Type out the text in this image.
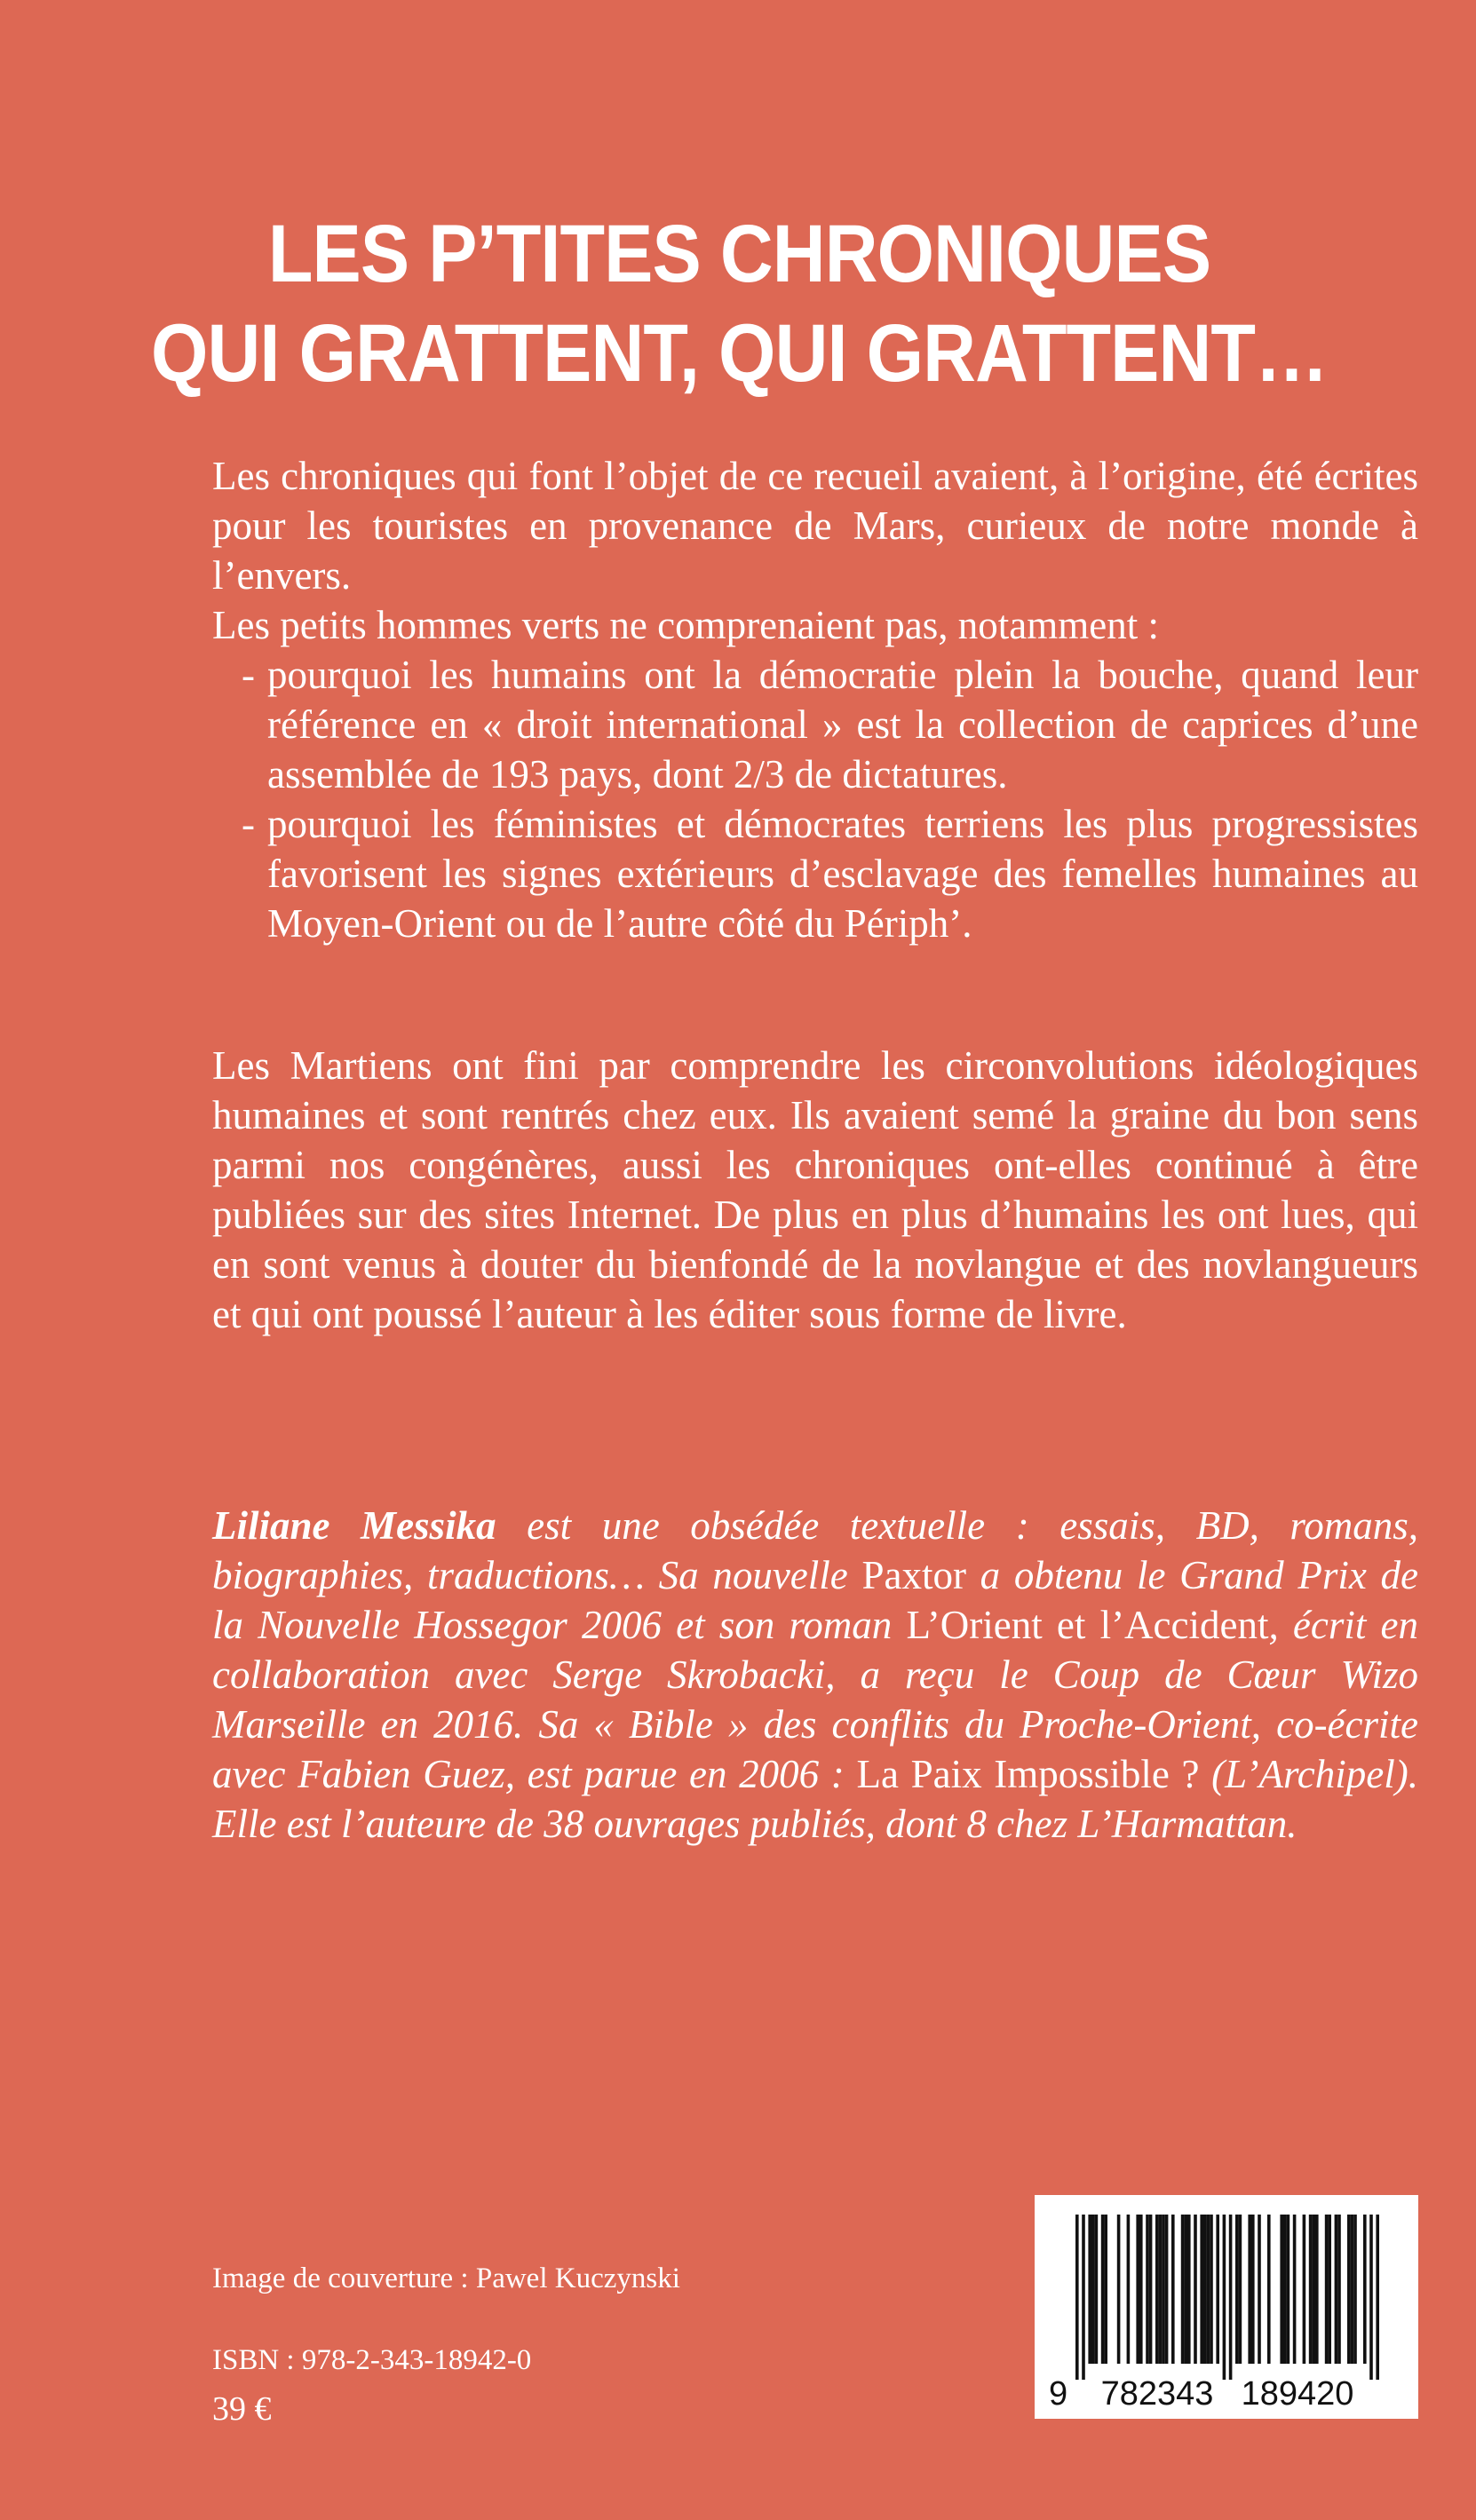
LES P’TITES CHRONIQUES
QUI GRATTENT, QUI GRATTENT…

Les chroniques qui font l’objet de ce recueil avaient, à l’origine, été écrites pour les touristes en provenance de Mars, curieux de notre monde à l’envers.

Les petits hommes verts ne comprenaient pas, notamment :

- pourquoi les humains ont la démocratie plein la bouche, quand leur référence en « droit international » est la collection de caprices d’une assemblée de 193 pays, dont 2/3 de dictatures.
- pourquoi les féministes et démocrates terriens les plus progressistes favorisent les signes extérieurs d’esclavage des femelles humaines au Moyen-Orient ou de l’autre côté du Périph’.

Les Martiens ont fini par comprendre les circonvolutions idéologiques humaines et sont rentrés chez eux. Ils avaient semé la graine du bon sens parmi nos congénères, aussi les chroniques ont-elles continué à être publiées sur des sites Internet. De plus en plus d’humains les ont lues, qui en sont venus à douter du bienfondé de la novlangue et des novlangueurs et qui ont poussé l’auteur à les éditer sous forme de livre.

Liliane Messika est une obsédée textuelle : essais, BD, romans, biographies, traductions… Sa nouvelle Paxtor a obtenu le Grand Prix de la Nouvelle Hossegor 2006 et son roman L’Orient et l’Accident, écrit en collaboration avec Serge Skrobacki, a reçu le Coup de Cœur Wizo Marseille en 2016. Sa « Bible » des conflits du Proche-Orient, co-écrite avec Fabien Guez, est parue en 2006 : La Paix Impossible ? (L’Archipel). Elle est l’auteure de 38 ouvrages publiés, dont 8 chez L’Harmattan.

Image de couverture : Pawel Kuczynski
ISBN : 978-2-343-18942-0
39 €	9 782343 189420
